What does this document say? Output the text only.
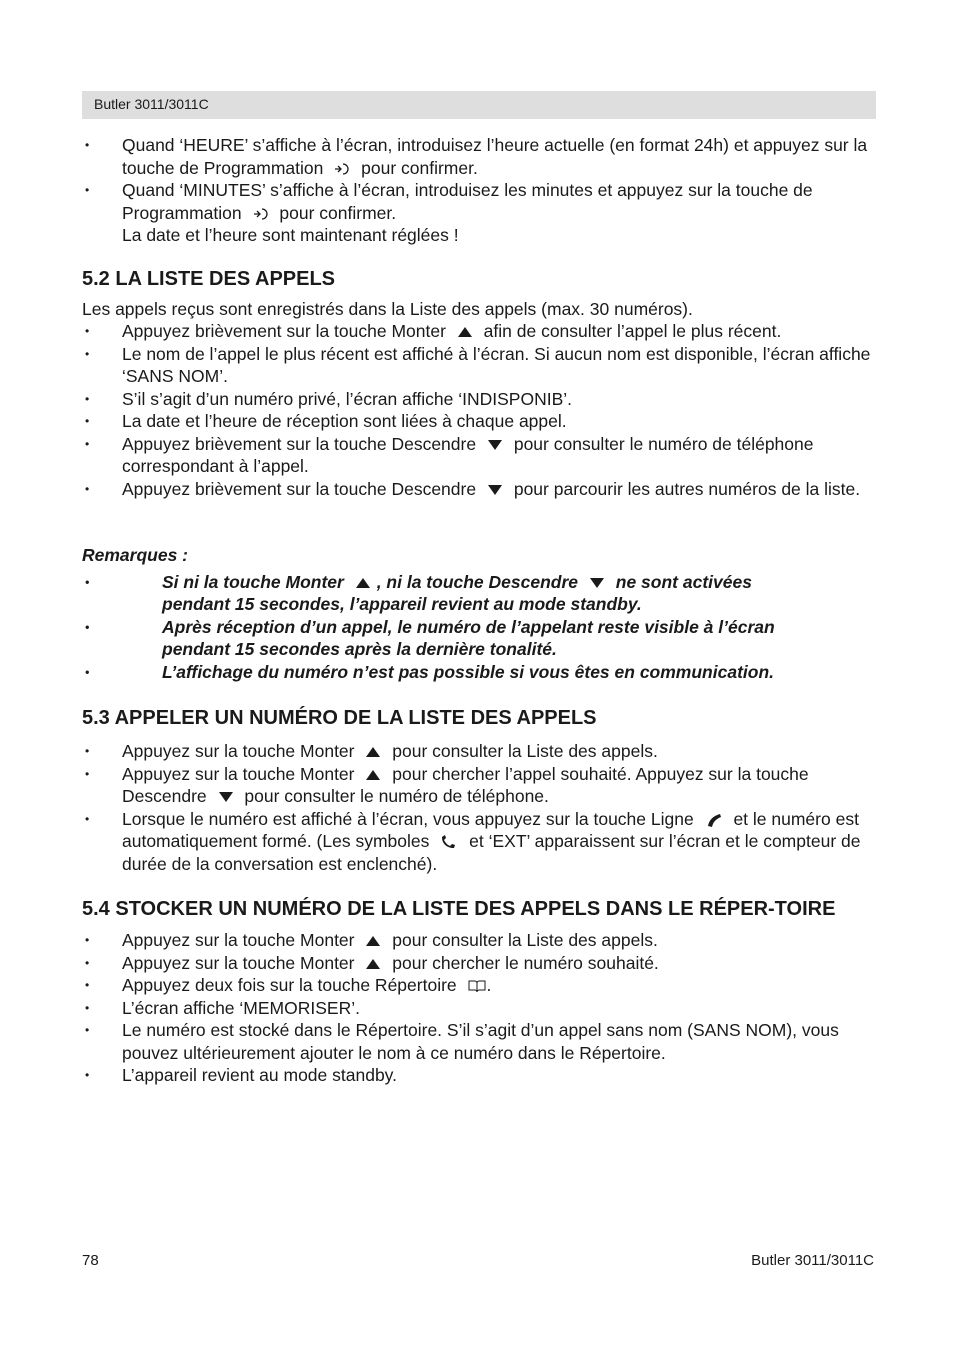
Butler 3011/3011C
• Quand ‘HEURE’ s’affiche à l’écran, introduisez l’heure actuelle (en format 24h) et appuyez sur la touche de Programmation pour confirmer.
• Quand ‘MINUTES’ s’affiche à l’écran, introduisez les minutes et appuyez sur la touche de Programmation pour confirmer.
La date et l’heure sont maintenant réglées !
5.2 LA LISTE DES APPELS

Les appels reçus sont enregistrés dans la Liste des appels (max. 30 numéros).

• Appuyez brièvement sur la touche Monter afin de consulter l’appel le plus récent.
• Le nom de l’appel le plus récent est affiché à l’écran. Si aucun nom est disponible, l’écran affiche ‘SANS NOM’.
• S’il s’agit d’un numéro privé, l’écran affiche ‘INDISPONIB’.
• La date et l’heure de réception sont liées à chaque appel.
• Appuyez brièvement sur la touche Descendre pour consulter le numéro de téléphone correspondant à l’appel.
• Appuyez brièvement sur la touche Descendre pour parcourir les autres numéros de la liste.
Remarques :
• Si ni la touche Monter , ni la touche Descendre ne sont activées pendant 15 secondes, l’appareil revient au mode standby.
• Après réception d’un appel, le numéro de l’appelant reste visible à l’écran pendant 15 secondes après la dernière tonalité.
• L’affichage du numéro n’est pas possible si vous êtes en communication.
5.3 APPELER UN NUMÉRO DE LA LISTE DES APPELS
• Appuyez sur la touche Monter pour consulter la Liste des appels.
• Appuyez sur la touche Monter pour chercher l’appel souhaité. Appuyez sur la touche Descendre pour consulter le numéro de téléphone.
• Lorsque le numéro est affiché à l’écran, vous appuyez sur la touche Ligne et le numéro est automatiquement formé. (Les symboles et ‘EXT’ apparaissent sur l’écran et le compteur de durée de la conversation est enclenché).
5.4 STOCKER UN NUMÉRO DE LA LISTE DES APPELS DANS LE RÉPER-TOIRE
• Appuyez sur la touche Monter pour consulter la Liste des appels.
• Appuyez sur la touche Monter pour chercher le numéro souhaité.
• Appuyez deux fois sur la touche Répertoire .
• L’écran affiche ‘MEMORISER’.
• Le numéro est stocké dans le Répertoire. S’il s’agit d’un appel sans nom (SANS NOM), vous pouvez ultérieurement ajouter le nom à ce numéro dans le Répertoire.
• L’appareil revient au mode standby.
78	Butler 3011/3011C
